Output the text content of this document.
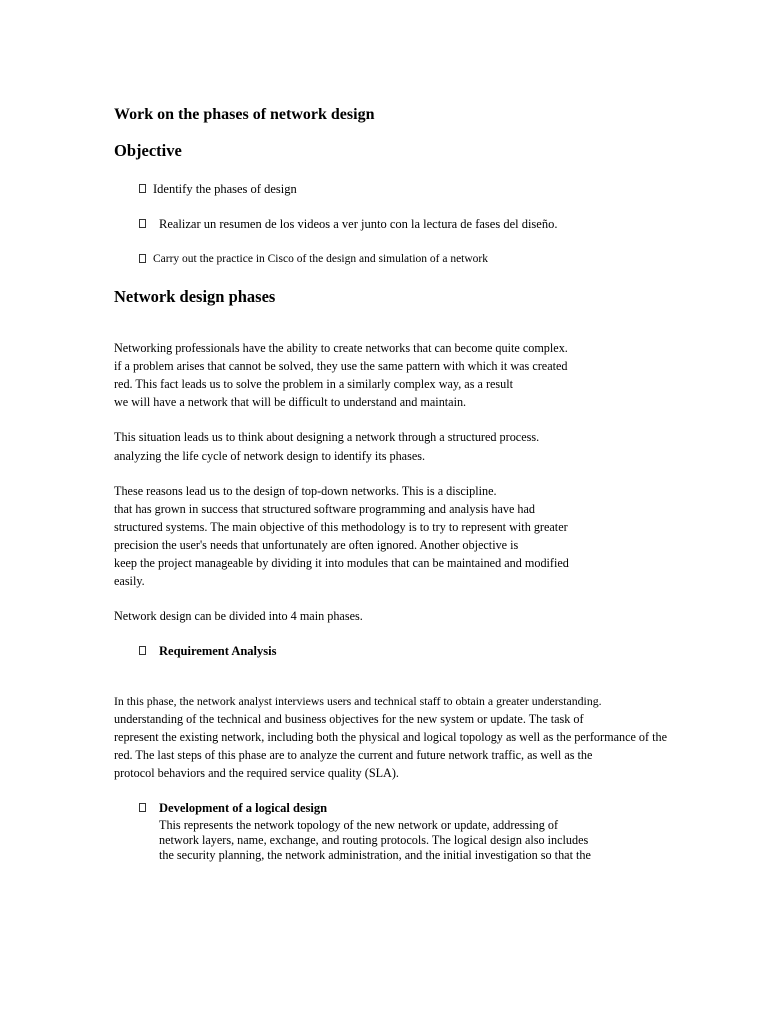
Work on the phases of network design
Objective
Identify the phases of design
Realizar un resumen de los videos a ver junto con la lectura de fases del diseño.
Carry out the practice in Cisco of the design and simulation of a network
Network design phases
Networking professionals have the ability to create networks that can become quite complex.
if a problem arises that cannot be solved, they use the same pattern with which it was created
red. This fact leads us to solve the problem in a similarly complex way, as a result
we will have a network that will be difficult to understand and maintain.
This situation leads us to think about designing a network through a structured process.
analyzing the life cycle of network design to identify its phases.
These reasons lead us to the design of top-down networks. This is a discipline.
that has grown in success that structured software programming and analysis have had
structured systems. The main objective of this methodology is to try to represent with greater
precision the user's needs that unfortunately are often ignored. Another objective is
keep the project manageable by dividing it into modules that can be maintained and modified
easily.
Network design can be divided into 4 main phases.
Requirement Analysis
In this phase, the network analyst interviews users and technical staff to obtain a greater understanding.
understanding of the technical and business objectives for the new system or update. The task of
represent the existing network, including both the physical and logical topology as well as the performance of the
red. The last steps of this phase are to analyze the current and future network traffic, as well as the
protocol behaviors and the required service quality (SLA).
Development of a logical design
This represents the network topology of the new network or update, addressing of
network layers, name, exchange, and routing protocols. The logical design also includes
the security planning, the network administration, and the initial investigation so that the
